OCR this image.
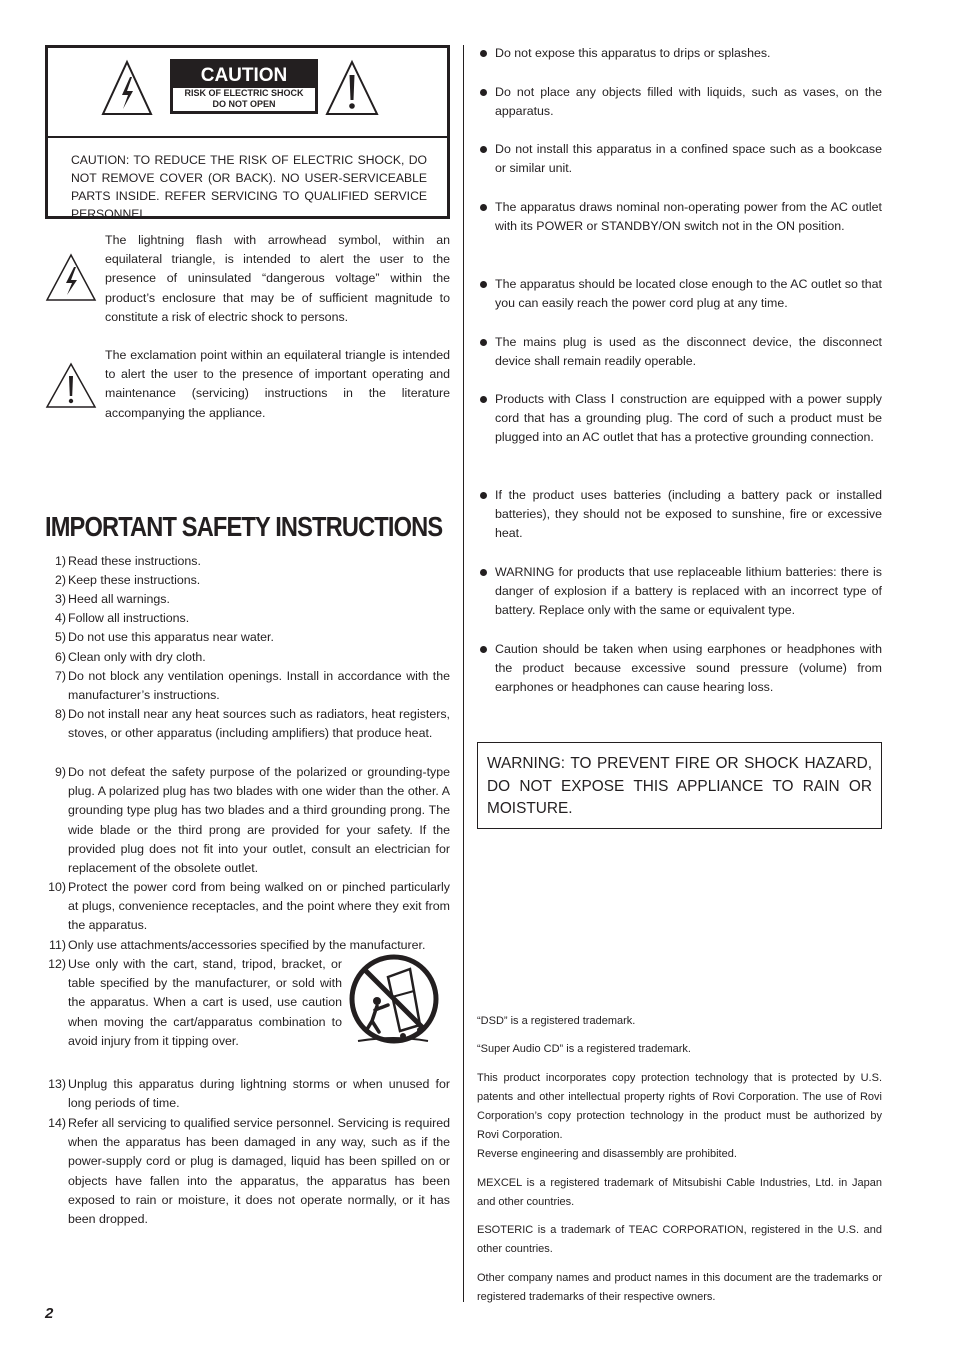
CAUTION
RISK OF ELECTRIC SHOCK
DO NOT OPEN
CAUTION: TO REDUCE THE RISK OF ELECTRIC SHOCK, DO NOT REMOVE COVER (OR BACK). NO USER-SERVICEABLE PARTS INSIDE. REFER SERVICING TO QUALIFIED SERVICE PERSONNEL.
The lightning flash with arrowhead symbol, within an equilateral triangle, is intended to alert the user to the presence of uninsulated “dangerous voltage” within the product’s enclosure that may be of sufficient magnitude to constitute a risk of electric shock to persons.
The exclamation point within an equilateral triangle is intended to alert the user to the presence of important operating and maintenance (servicing) instructions in the literature accompanying the appliance.
IMPORTANT SAFETY INSTRUCTIONS
1) Read these instructions.
2) Keep these instructions.
3) Heed all warnings.
4) Follow all instructions.
5) Do not use this apparatus near water.
6) Clean only with dry cloth.
7) Do not block any ventilation openings. Install in accordance with the manufacturer’s instructions.
8) Do not install near any heat sources such as radiators, heat registers, stoves, or other apparatus (including amplifiers) that produce heat.
9) Do not defeat the safety purpose of the polarized or grounding-type plug. A polarized plug has two blades with one wider than the other. A grounding type plug has two blades and a third grounding prong. The wide blade or the third prong are provided for your safety. If the provided plug does not fit into your outlet, consult an electrician for replacement of the obsolete outlet.
10) Protect the power cord from being walked on or pinched particularly at plugs, convenience receptacles, and the point where they exit from the apparatus.
11) Only use attachments/accessories specified by the manufacturer.
12) Use only with the cart, stand, tripod, bracket, or table specified by the manufacturer, or sold with the apparatus. When a cart is used, use caution when moving the cart/apparatus combination to avoid injury from it tipping over.
13) Unplug this apparatus during lightning storms or when unused for long periods of time.
14) Refer all servicing to qualified service personnel. Servicing is required when the apparatus has been damaged in any way, such as if the power-supply cord or plug is damaged, liquid has been spilled on or objects have fallen into the apparatus, the apparatus has been exposed to rain or moisture, it does not operate normally, or it has been dropped.
Do not expose this apparatus to drips or splashes.
Do not place any objects filled with liquids, such as vases, on the apparatus.
Do not install this apparatus in a confined space such as a bookcase or similar unit.
The apparatus draws nominal non-operating power from the AC outlet with its POWER or STANDBY/ON switch not in the ON position.
The apparatus should be located close enough to the AC outlet so that you can easily reach the power cord plug at any time.
The mains plug is used as the disconnect device, the disconnect device shall remain readily operable.
Products with Class Ⅰ construction are equipped with a power supply cord that has a grounding plug. The cord of such a product must be plugged into an AC outlet that has a protective grounding connection.
If the product uses batteries (including a battery pack or installed batteries), they should not be exposed to sunshine, fire or excessive heat.
WARNING for products that use replaceable lithium batteries: there is danger of explosion if a battery is replaced with an incorrect type of battery. Replace only with the same or equivalent type.
Caution should be taken when using earphones or headphones with the product because excessive sound pressure (volume) from earphones or headphones can cause hearing loss.
WARNING: TO PREVENT FIRE OR SHOCK HAZARD, DO NOT EXPOSE THIS APPLIANCE TO RAIN OR MOISTURE.
“DSD” is a registered trademark.
“Super Audio CD” is a registered trademark.
This product incorporates copy protection technology that is protected by U.S. patents and other intellectual property rights of Rovi Corporation. The use of Rovi Corporation’s copy protection technology in the product must be authorized by Rovi Corporation.
Reverse engineering and disassembly are prohibited.
MEXCEL is a registered trademark of Mitsubishi Cable Industries, Ltd. in Japan and other countries.
ESOTERIC is a trademark of TEAC CORPORATION, registered in the U.S. and other countries.
Other company names and product names in this document are the trademarks or registered trademarks of their respective owners.
2
